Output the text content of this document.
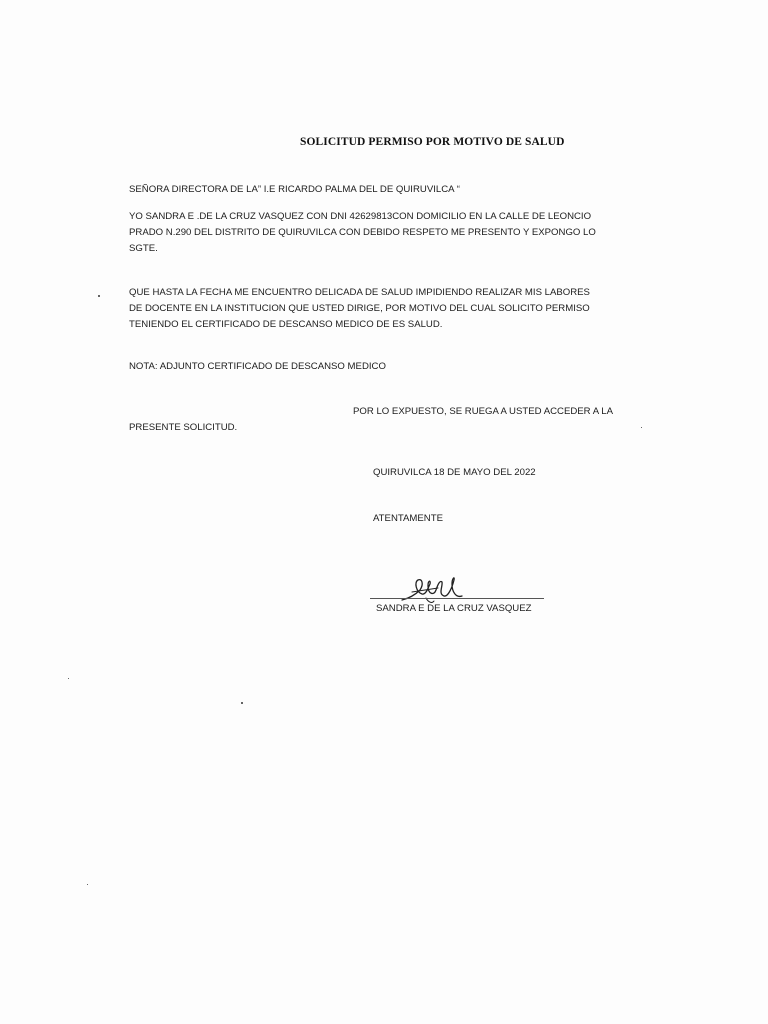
SOLICITUD PERMISO POR MOTIVO DE SALUD
SEÑORA DIRECTORA DE LA” I.E RICARDO PALMA DEL DE QUIRUVILCA “
YO SANDRA E .DE LA CRUZ VASQUEZ CON DNI 42629813CON DOMICILIO EN LA CALLE DE LEONCIO
PRADO N.290 DEL DISTRITO DE QUIRUVILCA CON DEBIDO RESPETO ME PRESENTO Y EXPONGO LO
SGTE.
QUE HASTA LA FECHA ME ENCUENTRO DELICADA DE SALUD IMPIDIENDO REALIZAR MIS LABORES
DE DOCENTE EN LA INSTITUCION QUE USTED DIRIGE, POR MOTIVO DEL CUAL SOLICITO PERMISO
TENIENDO EL CERTIFICADO DE DESCANSO MEDICO DE ES SALUD.
NOTA: ADJUNTO CERTIFICADO DE DESCANSO MEDICO
POR LO EXPUESTO, SE RUEGA A USTED ACCEDER A LA
PRESENTE SOLICITUD.
QUIRUVILCA 18 DE MAYO DEL 2022
ATENTAMENTE
SANDRA E DE LA CRUZ VASQUEZ
